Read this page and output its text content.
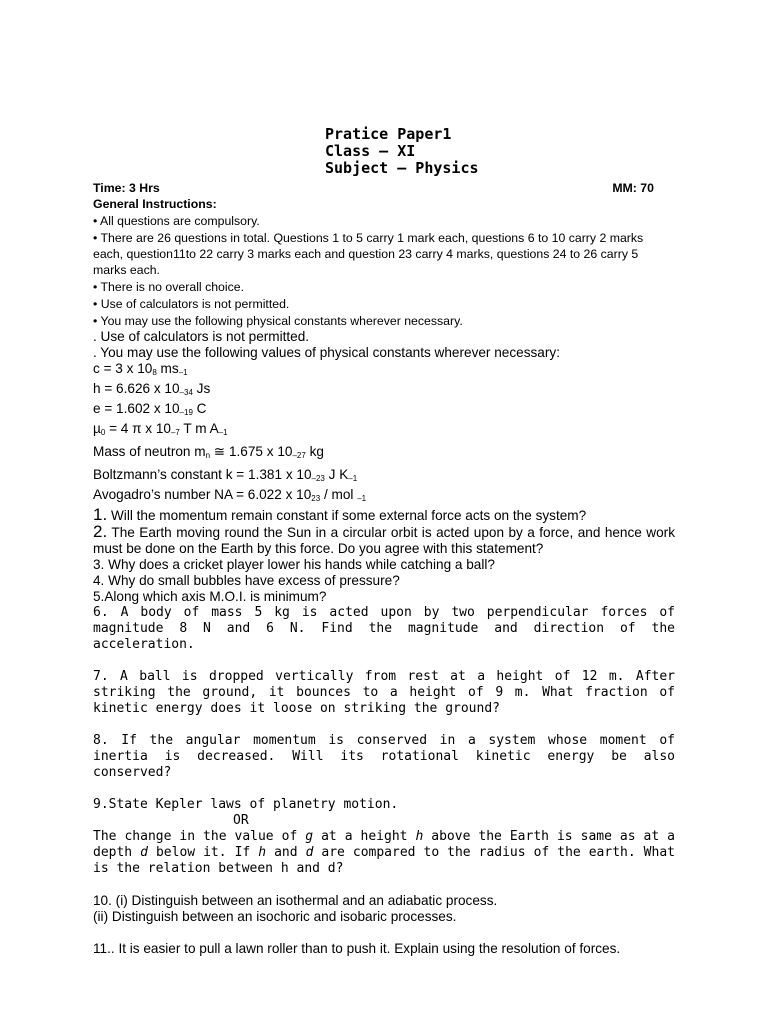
Pratice Paper1
Class – XI
Subject – Physics
Time: 3 Hrs	MM: 70
General Instructions:
• All questions are compulsory.
• There are 26 questions in total. Questions 1 to 5 carry 1 mark each, questions 6 to 10 carry 2 marks each, question11to 22 carry 3 marks each and question 23 carry 4 marks, questions 24 to 26 carry 5 marks each.
• There is no overall choice.
• Use of calculators is not permitted.
• You may use the following physical constants wherever necessary.
. Use of calculators is not permitted.
. You may use the following values of physical constants wherever necessary:
c = 3 x $10_8$ $ms_{-1}$
h = 6.626 x $10_{-34}$ Js
e = 1.602 x $10_{-19}$ C
µ$_0$ = 4 π x $10_{-7}$ T m $A_{-1}$
Mass of neutron $m_n$ ≅ 1.675 x $10_{-27}$ kg
Boltzmann’s constant k = 1.381 x $10_{-23}$ J $K_{-1}$
Avogadro’s number NA = 6.022 x $10_{23}$ / mol $_{-1}$
1. Will the momentum remain constant if some external force acts on the system?
2. The Earth moving round the Sun in a circular orbit is acted upon by a force, and hence work must be done on the Earth by this force. Do you agree with this statement?
3. Why does a cricket player lower his hands while catching a ball?
4. Why do small bubbles have excess of pressure?
5.Along which axis M.O.I. is minimum?
6. A body of mass 5 kg is acted upon by two perpendicular forces of magnitude 8 N and 6 N. Find the magnitude and direction of the acceleration.
7. A ball is dropped vertically from rest at a height of 12 m. After striking the ground, it bounces to a height of 9 m. What fraction of kinetic energy does it loose on striking the ground?
8. If the angular momentum is conserved in a system whose moment of inertia is decreased. Will its rotational kinetic energy be also conserved?
9.State Kepler laws of planetry motion.
OR
The change in the value of g at a height h above the Earth is same as at a depth d below it. If h and d are compared to the radius of the earth. What is the relation between h and d?
10. (i) Distinguish between an isothermal and an adiabatic process.
(ii) Distinguish between an isochoric and isobaric processes.
11.. It is easier to pull a lawn roller than to push it. Explain using the resolution of forces.
